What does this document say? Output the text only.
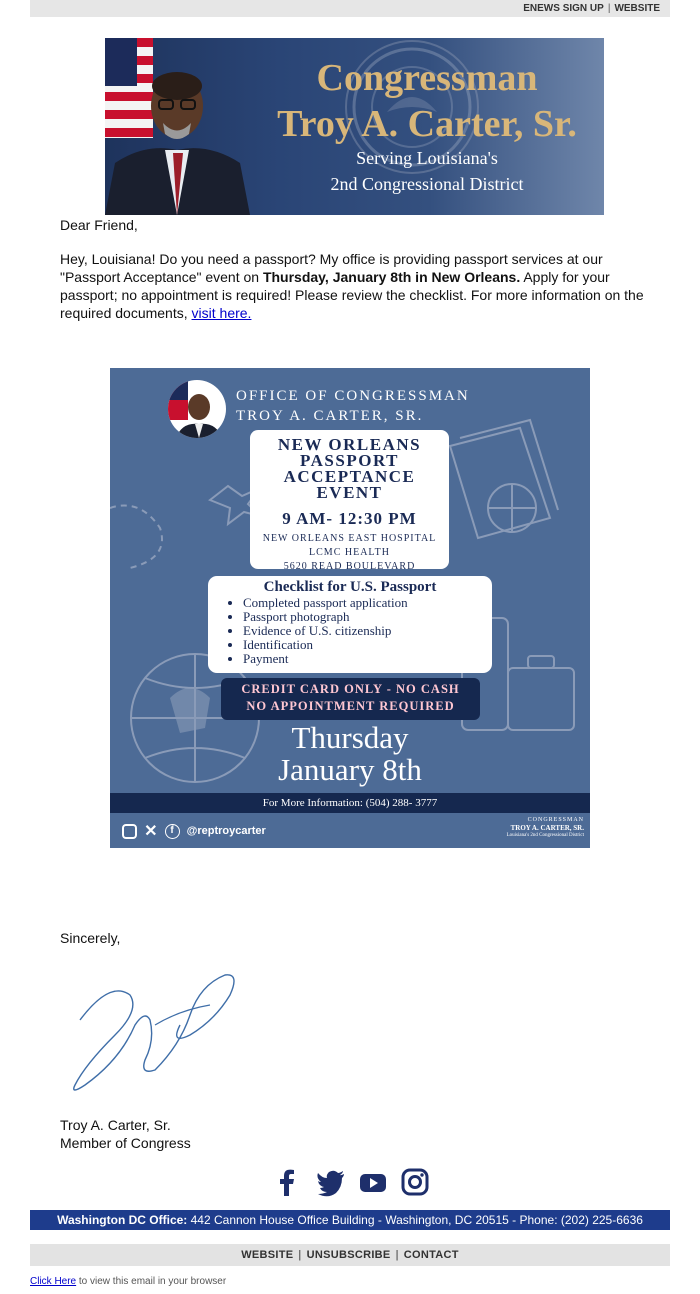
ENEWS SIGN UP | WEBSITE
Congressman
Troy A. Carter, Sr.
Serving Louisiana's
2nd Congressional District
Dear Friend,
Hey, Louisiana! Do you need a passport? My office is providing passport services at our "Passport Acceptance" event on Thursday, January 8th in New Orleans. Apply for your passport; no appointment is required! Please review the checklist. For more information on the required documents, visit here.
OFFICE OF CONGRESSMAN
TROY A. CARTER, SR.
NEW ORLEANS
PASSPORT
ACCEPTANCE
EVENT
9 AM- 12:30 PM
NEW ORLEANS EAST HOSPITAL
LCMC HEALTH
5620 READ BOULEVARD
Checklist for U.S. Passport
• Completed passport application
• Passport photograph
• Evidence of U.S. citizenship
• Identification
• Payment
CREDIT CARD ONLY - NO CASH
NO APPOINTMENT REQUIRED
Thursday
January 8th
For More Information: (504) 288- 3777
✕ f @reptroycarter
CONGRESSMAN
TROY A. CARTER, SR.
Louisiana's 2nd Congressional District
Sincerely,
Troy A. Carter, Sr.
Member of Congress
Washington DC Office: 442 Cannon House Office Building - Washington, DC 20515 - Phone: (202) 225-6636
WEBSITE | UNSUBSCRIBE | CONTACT
Click Here to view this email in your browser
